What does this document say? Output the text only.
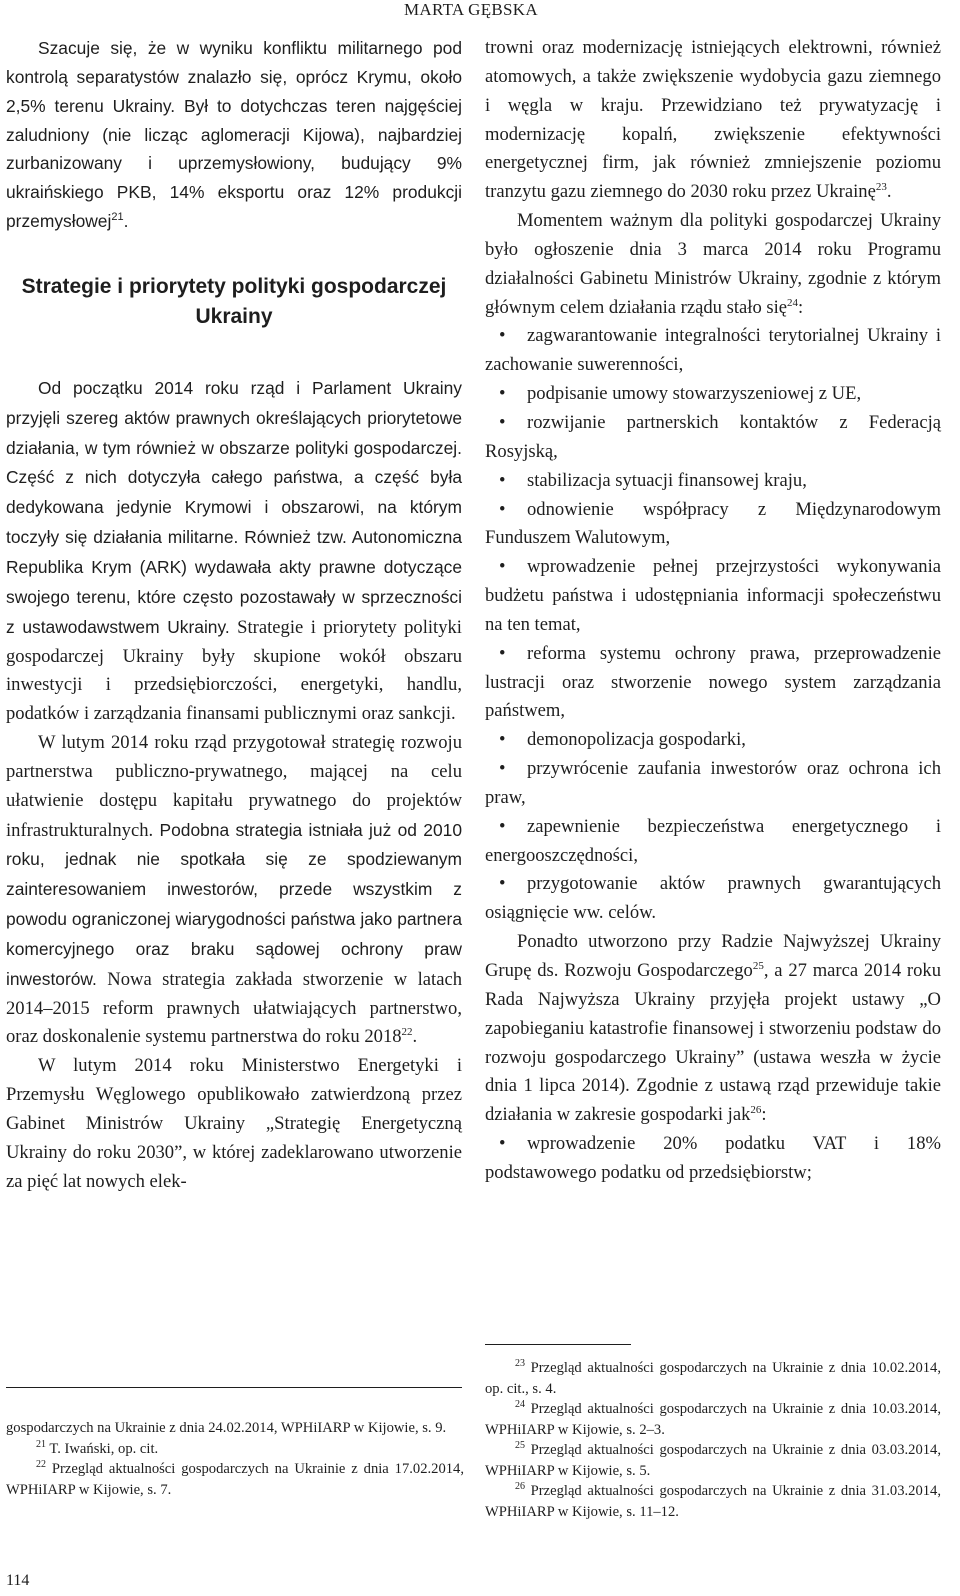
MARTA GĘBSKA

Szacuje się, że w wyniku konfliktu militarnego pod kontrolą separatystów znalazło się, oprócz Krymu, około 2,5% terenu Ukrainy. Był to dotychczas teren najgęściej zaludniony (nie licząc aglomeracji Kijowa), najbardziej zurbanizowany i uprzemysłowiony, budujący 9% ukraińskiego PKB, 14% eksportu oraz 12% produkcji przemysłowej$^{21}$.

Strategie i priorytety polityki gospodarczej Ukrainy

Od początku 2014 roku rząd i Parlament Ukrainy przyjęli szereg aktów prawnych określających priorytetowe działania, w tym również w obszarze polityki gospodarczej. Część z nich dotyczyła całego państwa, a część była dedykowana jedynie Krymowi i obszarowi, na którym toczyły się działania militarne. Również tzw. Autonomiczna Republika Krym (ARK) wydawała akty prawne dotyczące swojego terenu, które często pozostawały w sprzeczności z ustawodawstwem Ukrainy. Strategie i priorytety polityki gospodarczej Ukrainy były skupione wokół obszaru inwestycji i przedsiębiorczości, energetyki, handlu, podatków i zarządzania finansami publicznymi oraz sankcji.

W lutym 2014 roku rząd przygotował strategię rozwoju partnerstwa publiczno-prywatnego, mającej na celu ułatwienie dostępu kapitału prywatnego do projektów infrastrukturalnych. Podobna strategia istniała już od 2010 roku, jednak nie spotkała się ze spodziewanym zainteresowaniem inwestorów, przede wszystkim z powodu ograniczonej wiarygodności państwa jako partnera komercyjnego oraz braku sądowej ochrony praw inwestorów. Nowa strategia zakłada stworzenie w latach 2014–2015 reform prawnych ułatwiających partnerstwo, oraz doskonalenie systemu partnerstwa do roku 2018$^{22}$.

W lutym 2014 roku Ministerstwo Energetyki i Przemysłu Węglowego opublikowało zatwierdzoną przez Gabinet Ministrów Ukrainy „Strategię Energetyczną Ukrainy do roku 2030”, w której zadeklarowano utworzenie za pięć lat nowych elek-

trowni oraz modernizację istniejących elektrowni, również atomowych, a także zwiększenie wydobycia gazu ziemnego i węgla w kraju. Przewidziano też prywatyzację i modernizację kopalń, zwiększenie efektywności energetycznej firm, jak również zmniejszenie poziomu tranzytu gazu ziemnego do 2030 roku przez Ukrainę$^{23}$.

Momentem ważnym dla polityki gospodarczej Ukrainy było ogłoszenie dnia 3 marca 2014 roku Programu działalności Gabinetu Ministrów Ukrainy, zgodnie z którym głównym celem działania rządu stało się$^{24}$:

• zagwarantowanie integralności terytorialnej Ukrainy i zachowanie suwerenności,
• podpisanie umowy stowarzyszeniowej z UE,
• rozwijanie partnerskich kontaktów z Federacją Rosyjską,
• stabilizacja sytuacji finansowej kraju,
• odnowienie współpracy z Międzynarodowym Funduszem Walutowym,
• wprowadzenie pełnej przejrzystości wykonywania budżetu państwa i udostępniania informacji społeczeństwu na ten temat,
• reforma systemu ochrony prawa, przeprowadzenie lustracji oraz stworzenie nowego system zarządzania państwem,
• demonopolizacja gospodarki,
• przywrócenie zaufania inwestorów oraz ochrona ich praw,
• zapewnienie bezpieczeństwa energetycznego i energooszczędności,
• przygotowanie aktów prawnych gwarantujących osiągnięcie ww. celów.

Ponadto utworzono przy Radzie Najwyższej Ukrainy Grupę ds. Rozwoju Gospodarczego$^{25}$, a 27 marca 2014 roku Rada Najwyższa Ukrainy przyjęła projekt ustawy „O zapobieganiu katastrofie finansowej i stworzeniu podstaw do rozwoju gospodarczego Ukrainy” (ustawa weszła w życie dnia 1 lipca 2014). Zgodnie z ustawą rząd przewiduje takie działania w zakresie gospodarki jak$^{26}$:

• wprowadzenie 20% podatku VAT i 18% podstawowego podatku od przedsiębiorstw;

gospodarczych na Ukrainie z dnia 24.02.2014, WPHiIARP w Kijowie, s. 9.

$^{21}$ T. Iwański, op. cit.

$^{22}$ Przegląd aktualności gospodarczych na Ukrainie z dnia 17.02.2014, WPHiIARP w Kijowie, s. 7.

$^{23}$ Przegląd aktualności gospodarczych na Ukrainie z dnia 10.02.2014, op. cit., s. 4.

$^{24}$ Przegląd aktualności gospodarczych na Ukrainie z dnia 10.03.2014, WPHiIARP w Kijowie, s. 2–3.

$^{25}$ Przegląd aktualności gospodarczych na Ukrainie z dnia 03.03.2014, WPHiIARP w Kijowie, s. 5.

$^{26}$ Przegląd aktualności gospodarczych na Ukrainie z dnia 31.03.2014, WPHiIARP w Kijowie, s. 11–12.

114
